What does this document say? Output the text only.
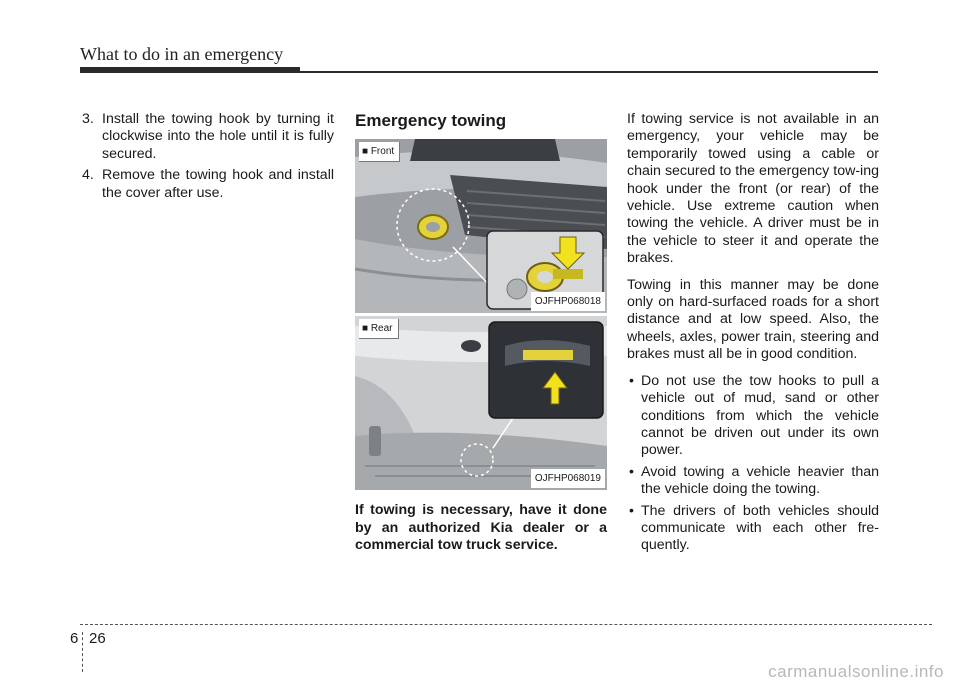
What to do in an emergency
3. Install the towing hook by turning it clockwise into the hole until it is fully secured.
4. Remove the towing hook and install the cover after use.
Emergency towing
■ Front
OJFHP068018
■ Rear
OJFHP068019
If towing is necessary, have it done by an authorized Kia dealer or a commercial tow truck service.

If towing service is not available in an emergency, your vehicle may be temporarily towed using a cable or chain secured to the emergency tow-ing hook under the front (or rear) of the vehicle. Use extreme caution when towing the vehicle. A driver must be in the vehicle to steer it and operate the brakes.

Towing in this manner may be done only on hard-surfaced roads for a short distance and at low speed. Also, the wheels, axles, power train, steering and brakes must all be in good condition.

• Do not use the tow hooks to pull a vehicle out of mud, sand or other conditions from which the vehicle cannot be driven out under its own power.
• Avoid towing a vehicle heavier than the vehicle doing the towing.
• The drivers of both vehicles should communicate with each other fre-quently.
6 26
carmanualsonline.info
